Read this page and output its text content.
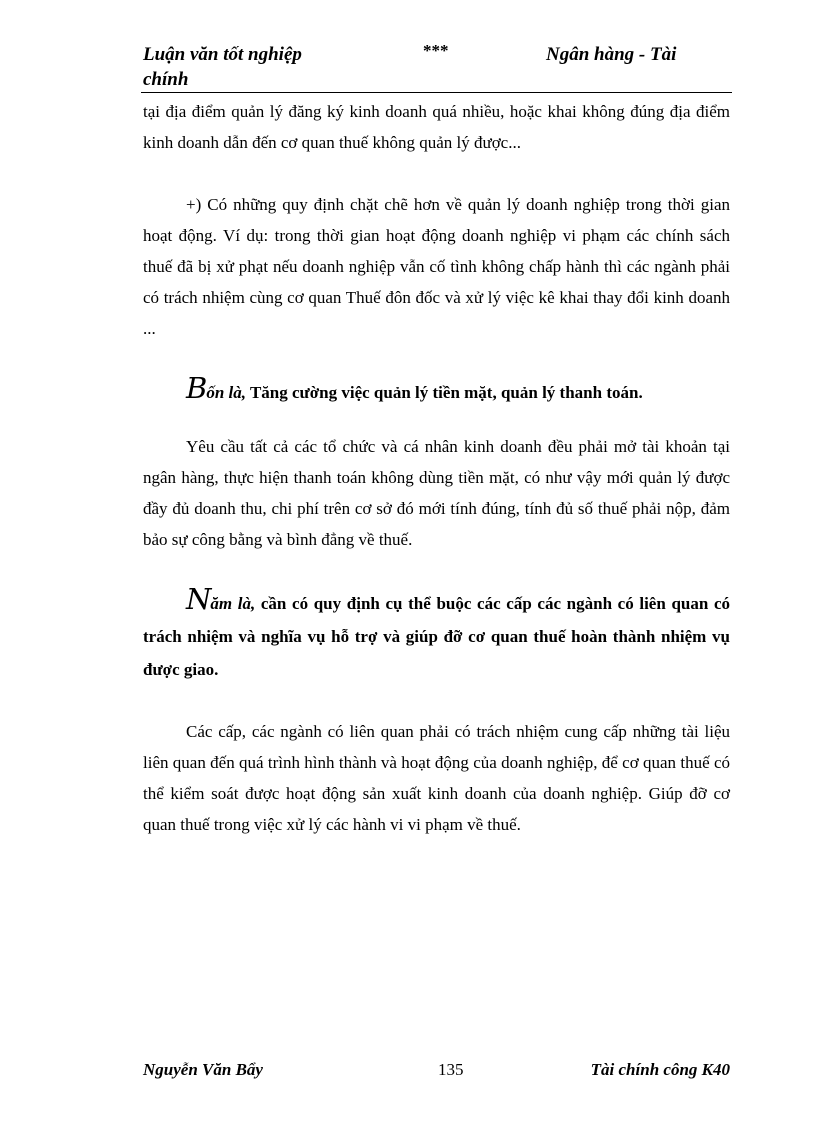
Luận văn tốt nghiệp chính
***	Ngân hàng - Tài

tại địa điểm quản lý đăng ký kinh doanh quá nhiều, hoặc khai không đúng địa điểm kinh doanh dẫn đến cơ quan thuế không quản lý được...

+) Có những quy định chặt chẽ hơn về quản lý doanh nghiệp trong thời gian hoạt động. Ví dụ: trong thời gian hoạt động doanh nghiệp vi phạm các chính sách thuế đã bị xử phạt nếu doanh nghiệp vẫn cố tình không chấp hành thì các ngành phải có trách nhiệm cùng cơ quan Thuế đôn đốc và xử lý việc kê khai thay đổi kinh doanh ...

Bốn là, Tăng cường việc quản lý tiền mặt, quản lý thanh toán.

Yêu cầu tất cả các tổ chức và cá nhân kinh doanh đều phải mở tài khoản tại ngân hàng, thực hiện thanh toán không dùng tiền mặt, có như vậy mới quản lý được đầy đủ doanh thu, chi phí trên cơ sở đó mới tính đúng, tính đủ số thuế phải nộp, đảm bảo sự công bằng và bình đẳng về thuế.

Năm là, cần có quy định cụ thể buộc các cấp các ngành có liên quan có trách nhiệm và nghĩa vụ hỗ trợ và giúp đỡ cơ quan thuế hoàn thành nhiệm vụ được giao.

Các cấp, các ngành có liên quan phải có trách nhiệm cung cấp những tài liệu liên quan đến quá trình hình thành và hoạt động của doanh nghiệp, để cơ quan thuế có thể kiểm soát được hoạt động sản xuất kinh doanh của doanh nghiệp. Giúp đỡ cơ quan thuế trong việc xử lý các hành vi vi phạm về thuế.

Nguyễn Văn Bẩy	135	Tài chính công K40
